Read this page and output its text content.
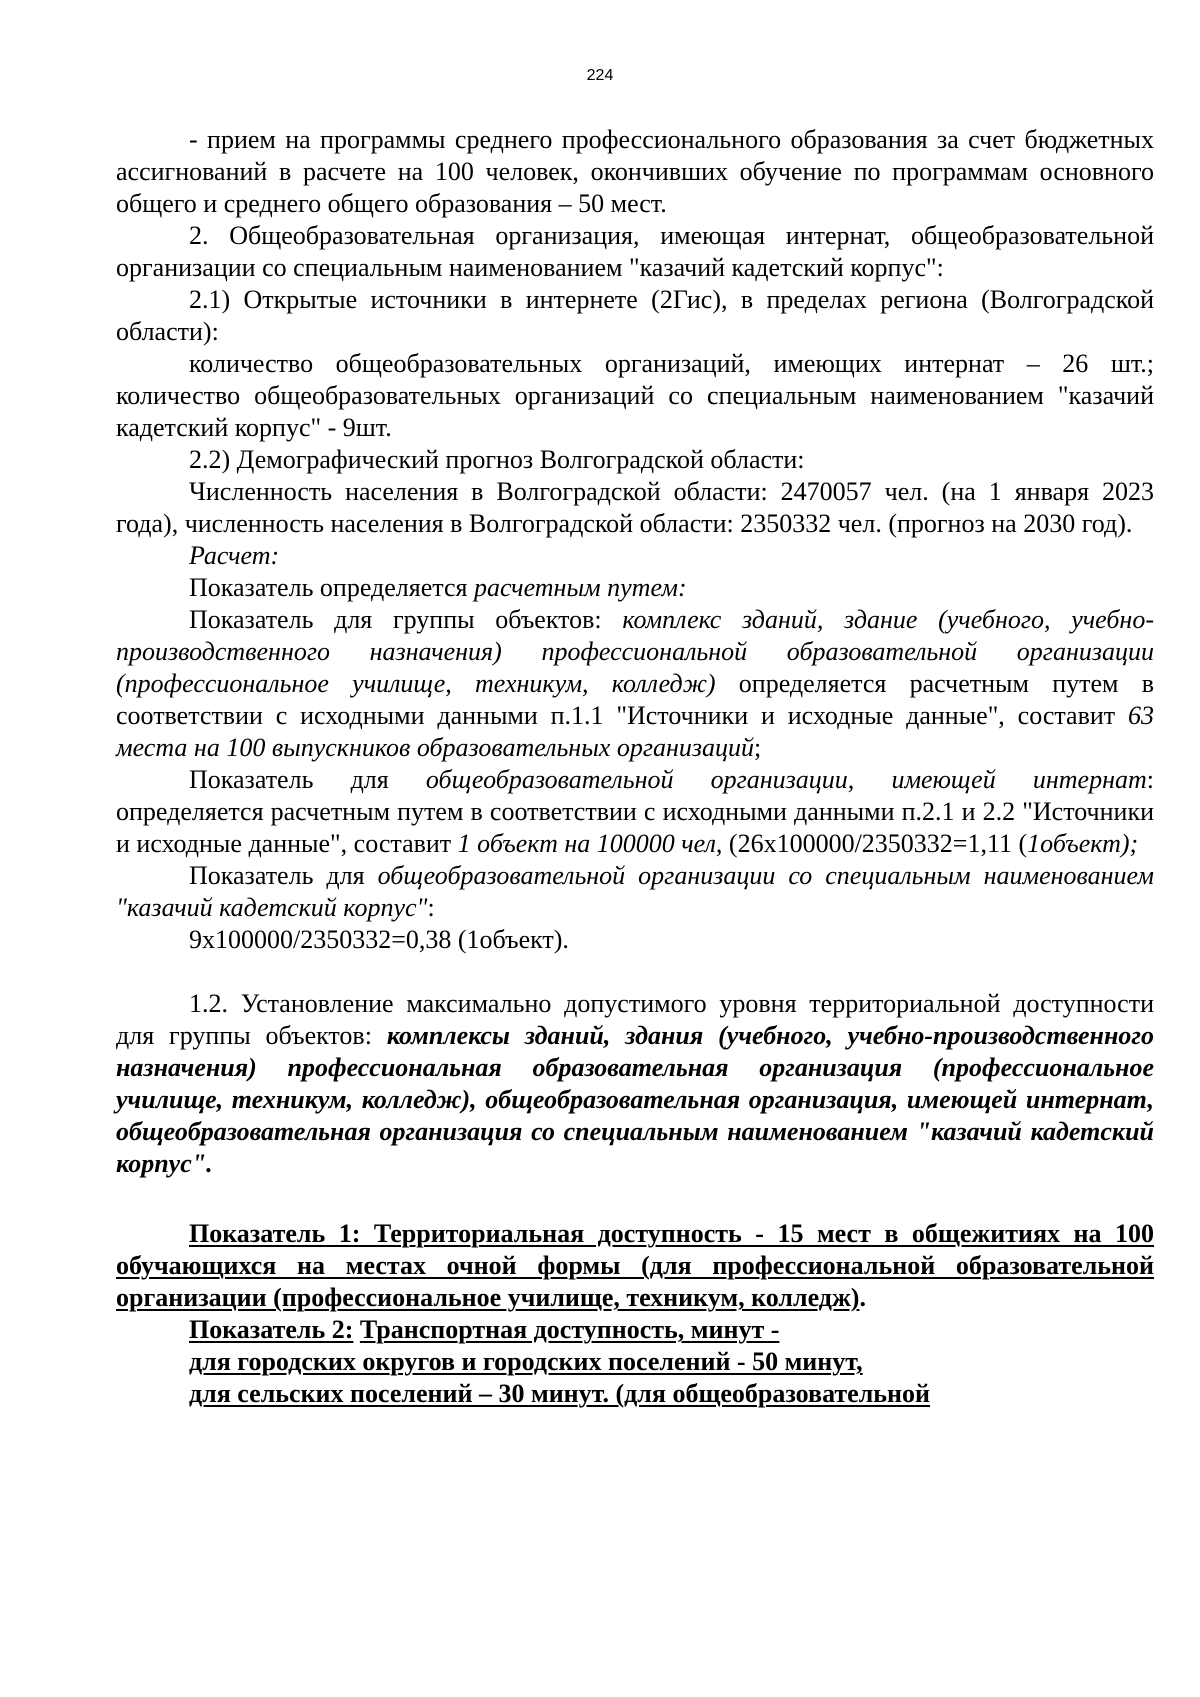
224

- прием на программы среднего профессионального образования за счет бюджетных ассигнований в расчете на 100 человек, окончивших обучение по программам основного общего и среднего общего образования – 50 мест.

2. Общеобразовательная организация, имеющая интернат, общеобразовательной организации со специальным наименованием "казачий кадетский корпус":

2.1) Открытые источники в интернете (2Гис), в пределах региона (Волгоградской области):

количество общеобразовательных организаций, имеющих интернат – 26 шт.; количество общеобразовательных организаций со специальным наименованием "казачий кадетский корпус" - 9шт.

2.2) Демографический прогноз Волгоградской области:

Численность населения в Волгоградской области: 2470057 чел. (на 1 января 2023 года), численность населения в Волгоградской области: 2350332 чел. (прогноз на 2030 год).

Расчет:

Показатель определяется расчетным путем:

Показатель для группы объектов: комплекс зданий, здание (учебного, учебно-производственного назначения) профессиональной образовательной организации (профессиональное училище, техникум, колледж) определяется расчетным путем в соответствии с исходными данными п.1.1 "Источники и исходные данные", составит 63 места на 100 выпускников образовательных организаций;

Показатель для общеобразовательной организации, имеющей интернат: определяется расчетным путем в соответствии с исходными данными п.2.1 и 2.2 "Источники и исходные данные", составит 1 объект на 100000 чел, (26х100000/2350332=1,11 (1объект);

Показатель для общеобразовательной организации со специальным наименованием "казачий кадетский корпус":

9х100000/2350332=0,38 (1объект).

1.2. Установление максимально допустимого уровня территориальной доступности для группы объектов: комплексы зданий, здания (учебного, учебно-производственного назначения) профессиональная образовательная организация (профессиональное училище, техникум, колледж), общеобразовательная организация, имеющей интернат, общеобразовательная организация со специальным наименованием "казачий кадетский корпус".

Показатель 1: Территориальная доступность - 15 мест в общежитиях на 100 обучающихся на местах очной формы (для профессиональной образовательной организации (профессиональное училище, техникум, колледж).

Показатель 2: Транспортная доступность, минут -

для городских округов и городских поселений - 50 минут,

для сельских поселений – 30 минут. (для общеобразовательной
